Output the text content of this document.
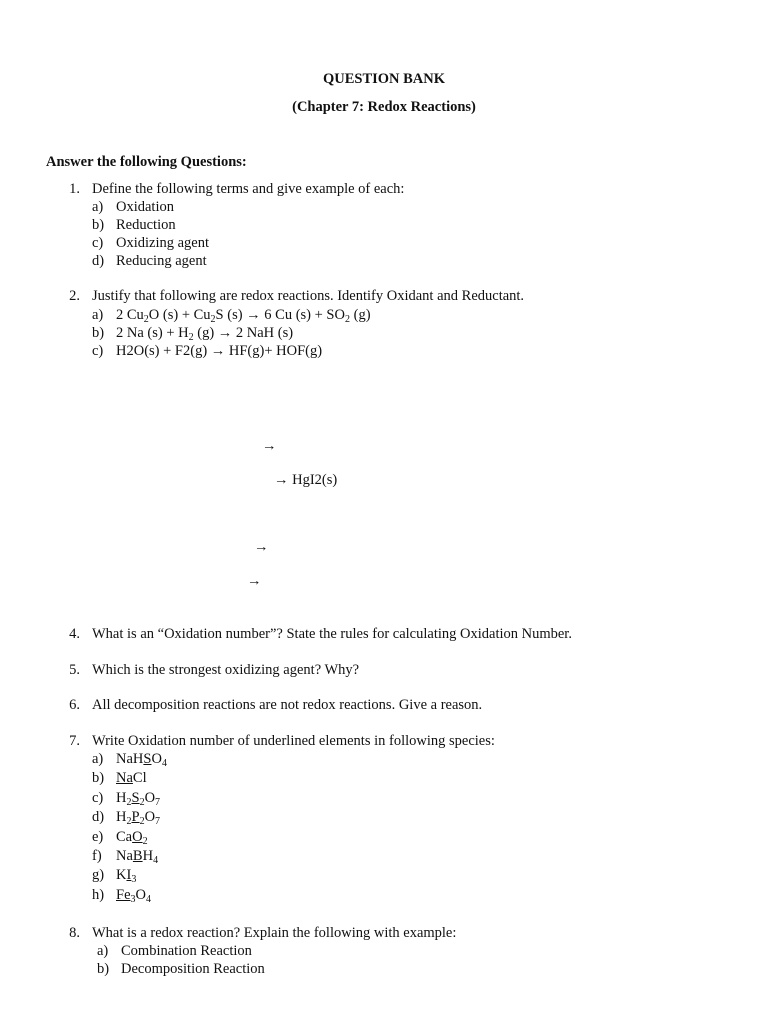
QUESTION BANK
(Chapter 7: Redox Reactions)
Answer the following Questions:
1. Define the following terms and give example of each:
a) Oxidation
b) Reduction
c) Oxidizing agent
d) Reducing agent
2. Justify that following are redox reactions. Identify Oxidant and Reductant.
a) 2 $Cu_2O$ $(s) + Cu_2S$ (s) → 6 Cu $(s) + SO_2$ (g)
b) 2 Na $(s) + H_2$ (g) → 2 NaH (s)
c) H2O(s) + F2(g) → HF(g)+ HOF(g)
→
→ HgI2(s)
→
→
4. What is an “Oxidation number”? State the rules for calculating Oxidation Number.
5. Which is the strongest oxidizing agent? Why?
6. All decomposition reactions are not redox reactions. Give a reason.
7. Write Oxidation number of underlined elements in following species:
a) NaHSO$_4$
b) NaCl
c) $H_2S_2O_7$
d) $H_2P_2O_7$
e) CaO$_2$
f) NaBH$_4$
g) $KI_3$
h) $Fe_3O_4$
8. What is a redox reaction? Explain the following with example:
a) Combination Reaction
b) Decomposition Reaction
